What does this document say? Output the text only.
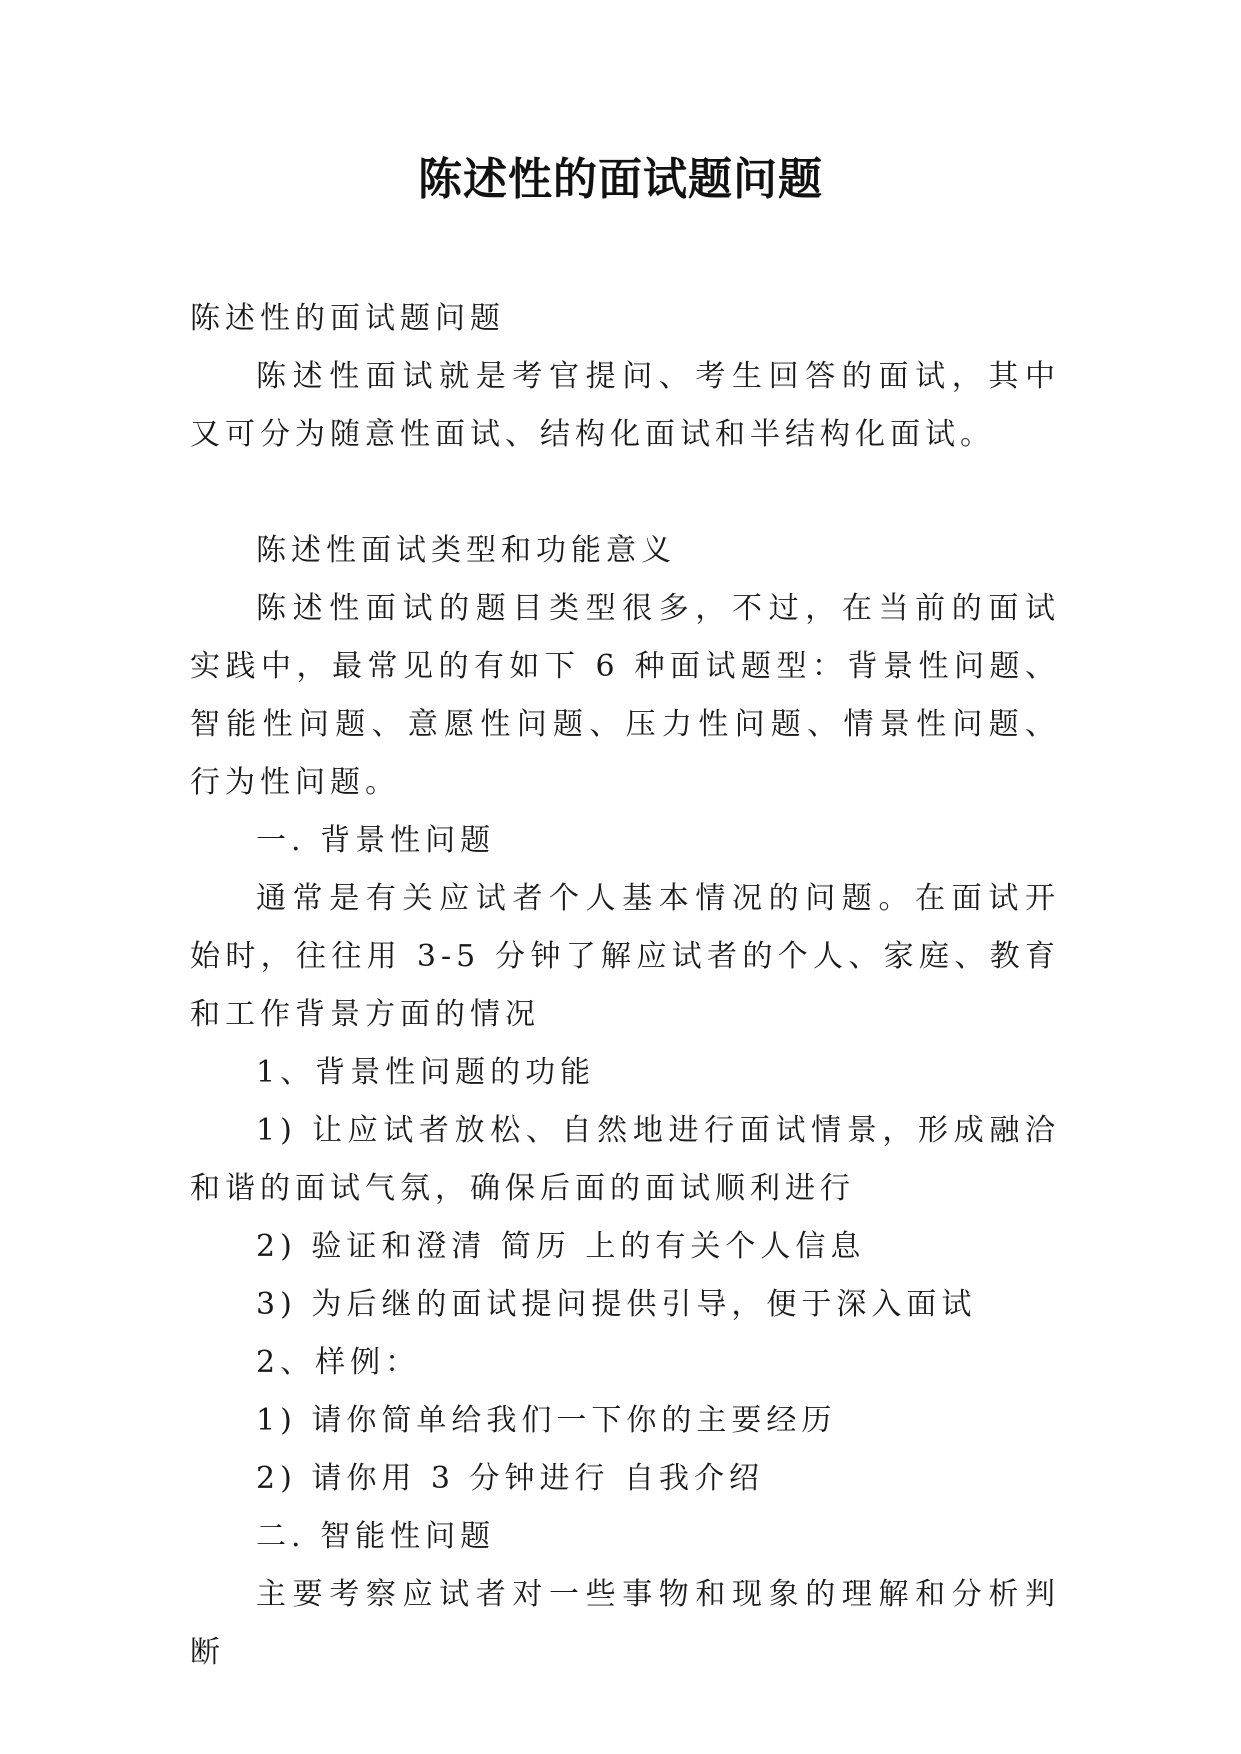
陈述性的面试题问题

陈述性的面试题问题

陈述性面试就是考官提问、考生回答的面试，其中又可分为随意性面试、结构化面试和半结构化面试。

陈述性面试类型和功能意义

陈述性面试的题目类型很多，不过，在当前的面试实践中，最常见的有如下 6 种面试题型：背景性问题、智能性问题、意愿性问题、压力性问题、情景性问题、行为性问题。

一. 背景性问题

通常是有关应试者个人基本情况的问题。在面试开始时，往往用 3-5 分钟了解应试者的个人、家庭、教育和工作背景方面的情况

1、背景性问题的功能

1) 让应试者放松、自然地进行面试情景，形成融洽和谐的面试气氛，确保后面的面试顺利进行

2) 验证和澄清 简历 上的有关个人信息

3) 为后继的面试提问提供引导，便于深入面试

2、样例：

1) 请你简单给我们一下你的主要经历

2) 请你用 3 分钟进行 自我介绍

二. 智能性问题

主要考察应试者对一些事物和现象的理解和分析判断
